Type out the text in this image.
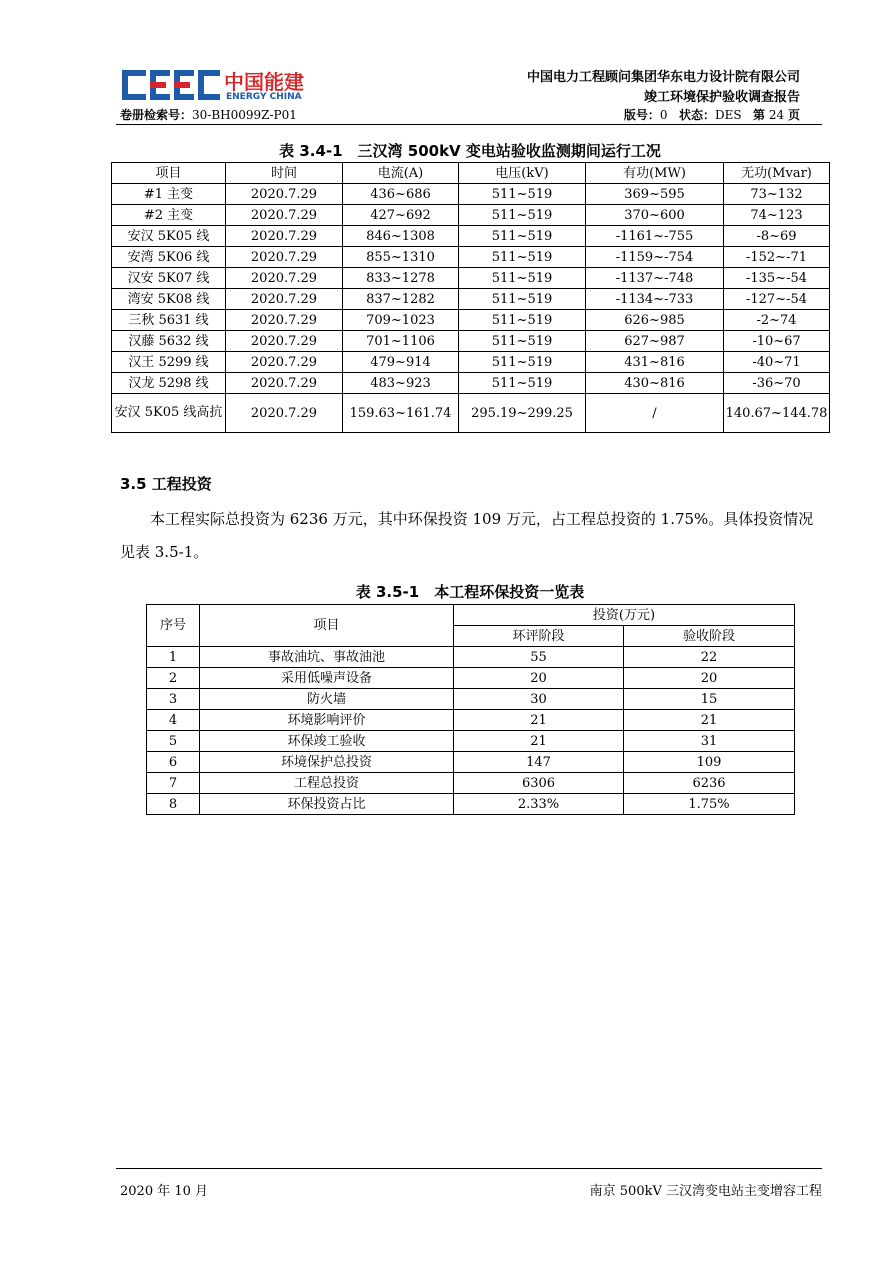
中国能建
ENERGY CHINA
中国电力工程顾问集团华东电力设计院有限公司
竣工环境保护验收调查报告
卷册检索号：30-BH0099Z-P01	版号：0 状态：DES 第 24 页
表 3.4-1　三汉湾 500kV 变电站验收监测期间运行工况
项目	时间	电流(A)	电压(kV)	有功(MW)	无功(Mvar)
#1 主变	2020.7.29	436~686	511~519	369~595	73~132
#2 主变	2020.7.29	427~692	511~519	370~600	74~123
安汉 5K05 线	2020.7.29	846~1308	511~519	-1161~-755	-8~69
安湾 5K06 线	2020.7.29	855~1310	511~519	-1159~-754	-152~-71
汉安 5K07 线	2020.7.29	833~1278	511~519	-1137~-748	-135~-54
湾安 5K08 线	2020.7.29	837~1282	511~519	-1134~-733	-127~-54
三秋 5631 线	2020.7.29	709~1023	511~519	626~985	-2~74
汉藤 5632 线	2020.7.29	701~1106	511~519	627~987	-10~67
汉王 5299 线	2020.7.29	479~914	511~519	431~816	-40~71
汉龙 5298 线	2020.7.29	483~923	511~519	430~816	-36~70
安汉 5K05 线高抗	2020.7.29	159.63~161.74	295.19~299.25	/	140.67~144.78
3.5 工程投资
本工程实际总投资为 6236 万元，其中环保投资 109 万元，占工程总投资的 1.75%。具体投资情况见表 3.5-1。
表 3.5-1　本工程环保投资一览表
序号	项目	投资(万元)	
		环评阶段	验收阶段
1	事故油坑、事故油池	55	22
2	采用低噪声设备	20	20
3	防火墙	30	15
4	环境影响评价	21	21
5	环保竣工验收	21	31
6	环境保护总投资	147	109
7	工程总投资	6306	6236
8	环保投资占比	2.33%	1.75%
2020 年 10 月	南京 500kV 三汉湾变电站主变增容工程
